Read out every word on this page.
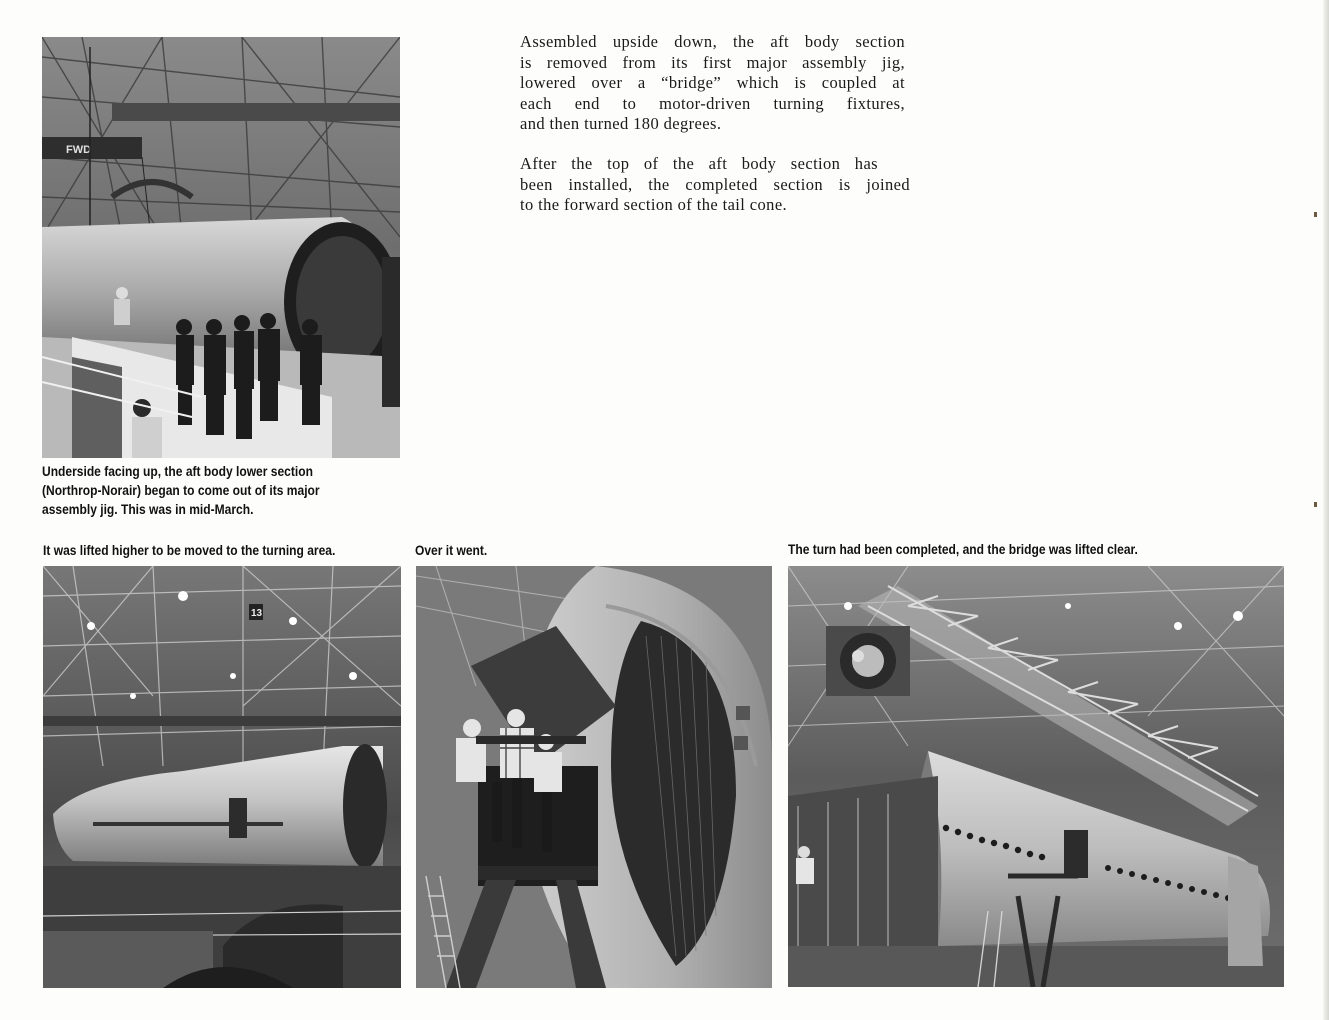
FWD
Underside facing up, the aft body lower section
(Northrop-Norair) began to come out of its major
assembly jig. This was in mid-March.
Assembled upside down, the aft body section
is removed from its first major assembly jig,
lowered over a “bridge” which is coupled at
each end to motor-driven turning fixtures,
and then turned 180 degrees.
After the top of the aft body section has
been installed, the completed section is joined
to the forward section of the tail cone.
It was lifted higher to be moved to the turning area.	Over it went.	The turn had been completed, and the bridge was lifted clear.
13
